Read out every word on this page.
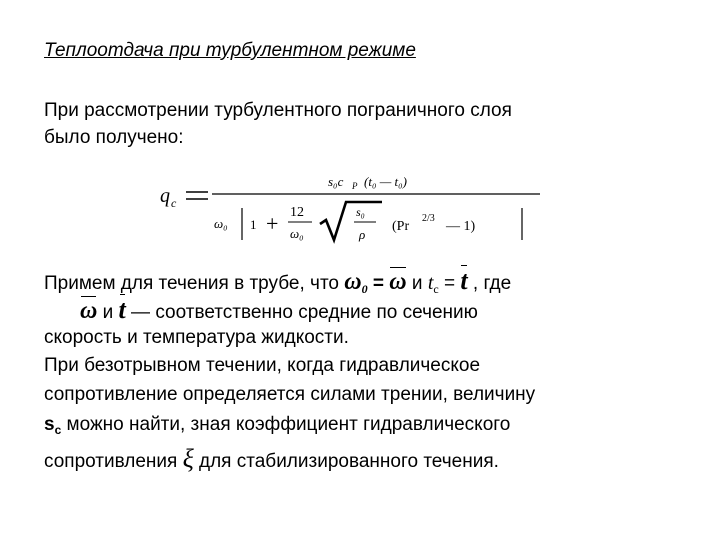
Теплоотдача при турбулентном режиме
При рассмотрении турбулентного пограничного слоя
было получено:
q c
s₀c P (t₀ — t₀)
ω₀ 1 + 12
ω₀
s₀
ρ
(Pr
2/3
— 1)
Примем для течения в трубе, что $\omega_0 = \omega$ и $t_c = t$ , где
ω и t — соответственно средние по сечению
скорость и температура жидкости.
При безотрывном течении, когда гидравлическое
сопротивление определяется силами трении, величину
$s_c$ можно найти, зная коэффициент гидравлического
сопротивления ξ для стабилизированного течения.
